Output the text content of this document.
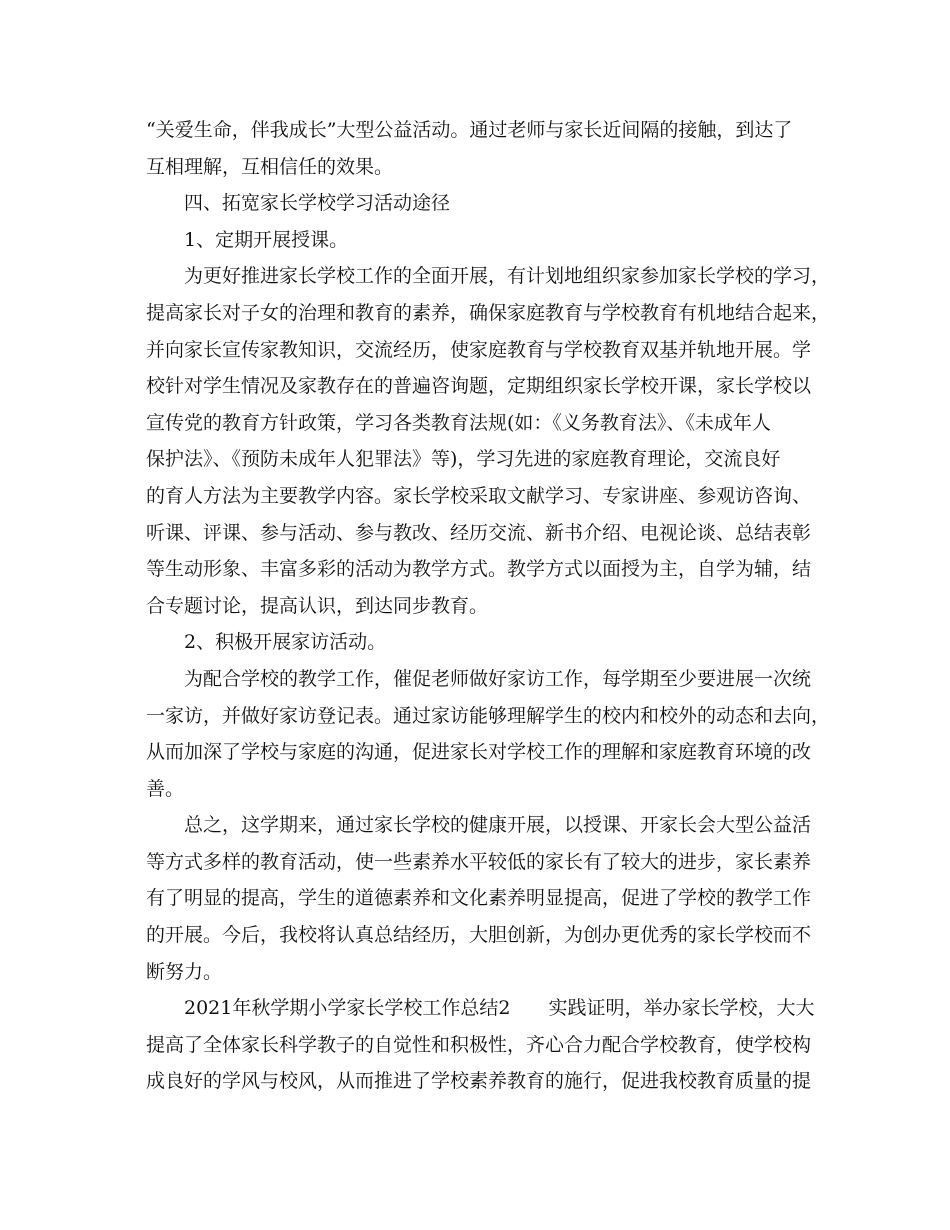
“关爱生命，伴我成长”大型公益活动。通过老师与家长近间隔的接触，到达了
互相理解，互相信任的效果。
四、拓宽家长学校学习活动途径
1、定期开展授课。
为更好推进家长学校工作的全面开展，有计划地组织家参加家长学校的学习，
提高家长对子女的治理和教育的素养，确保家庭教育与学校教育有机地结合起来，
并向家长宣传家教知识，交流经历，使家庭教育与学校教育双基并轨地开展。学
校针对学生情况及家教存在的普遍咨询题，定期组织家长学校开课，家长学校以
宣传党的教育方针政策，学习各类教育法规(如：《义务教育法》、《未成年人
保护法》、《预防未成年人犯罪法》等)，学习先进的家庭教育理论，交流良好
的育人方法为主要教学内容。家长学校采取文献学习、专家讲座、参观访咨询、
听课、评课、参与活动、参与教改、经历交流、新书介绍、电视论谈、总结表彰
等生动形象、丰富多彩的活动为教学方式。教学方式以面授为主，自学为辅，结
合专题讨论，提高认识，到达同步教育。
2、积极开展家访活动。
为配合学校的教学工作，催促老师做好家访工作，每学期至少要进展一次统
一家访，并做好家访登记表。通过家访能够理解学生的校内和校外的动态和去向，
从而加深了学校与家庭的沟通，促进家长对学校工作的理解和家庭教育环境的改
善。
总之，这学期来，通过家长学校的健康开展，以授课、开家长会大型公益活
等方式多样的教育活动，使一些素养水平较低的家长有了较大的进步，家长素养
有了明显的提高，学生的道德素养和文化素养明显提高，促进了学校的教学工作
的开展。今后，我校将认真总结经历，大胆创新，为创办更优秀的家长学校而不
断努力。
2021年秋学期小学家长学校工作总结2　　实践证明，举办家长学校，大大
提高了全体家长科学教子的自觉性和积极性，齐心合力配合学校教育，使学校构
成良好的学风与校风，从而推进了学校素养教育的施行，促进我校教育质量的提
